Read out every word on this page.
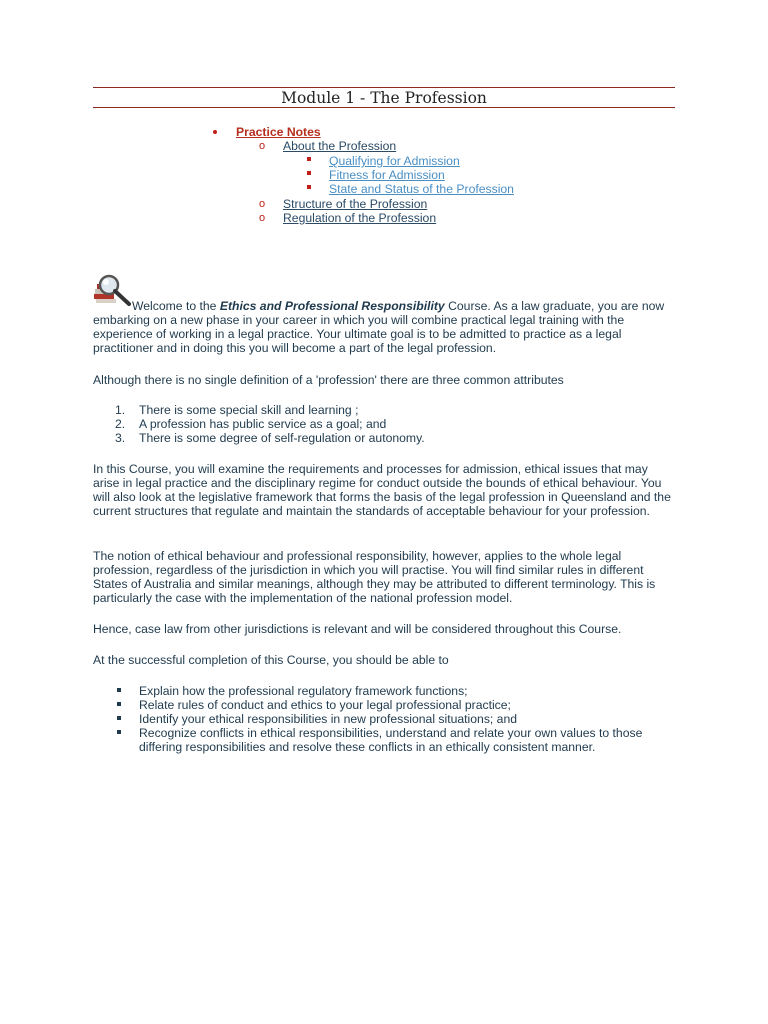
Module 1 - The Profession
Practice Notes
o About the Profession
Qualifying for Admission
Fitness for Admission
State and Status of the Profession
o Structure of the Profession
o Regulation of the Profession

Welcome to the Ethics and Professional Responsibility Course. As a law graduate, you are now embarking on a new phase in your career in which you will combine practical legal training with the experience of working in a legal practice. Your ultimate goal is to be admitted to practice as a legal practitioner and in doing this you will become a part of the legal profession.

Although there is no single definition of a 'profession' there are three common attributes
1.	There is some special skill and learning ;
2.	A profession has public service as a goal; and
3.	There is some degree of self-regulation or autonomy.
In this Course, you will examine the requirements and processes for admission, ethical issues that may arise in legal practice and the disciplinary regime for conduct outside the bounds of ethical behaviour. You will also look at the legislative framework that forms the basis of the legal profession in Queensland and the current structures that regulate and maintain the standards of acceptable behaviour for your profession.
The notion of ethical behaviour and professional responsibility, however, applies to the whole legal profession, regardless of the jurisdiction in which you will practise. You will find similar rules in different States of Australia and similar meanings, although they may be attributed to different terminology. This is particularly the case with the implementation of the national profession model.
Hence, case law from other jurisdictions is relevant and will be considered throughout this Course.
At the successful completion of this Course, you should be able to
Explain how the professional regulatory framework functions;
Relate rules of conduct and ethics to your legal professional practice;
Identify your ethical responsibilities in new professional situations; and
Recognize conflicts in ethical responsibilities, understand and relate your own values to those differing responsibilities and resolve these conflicts in an ethically consistent manner.
